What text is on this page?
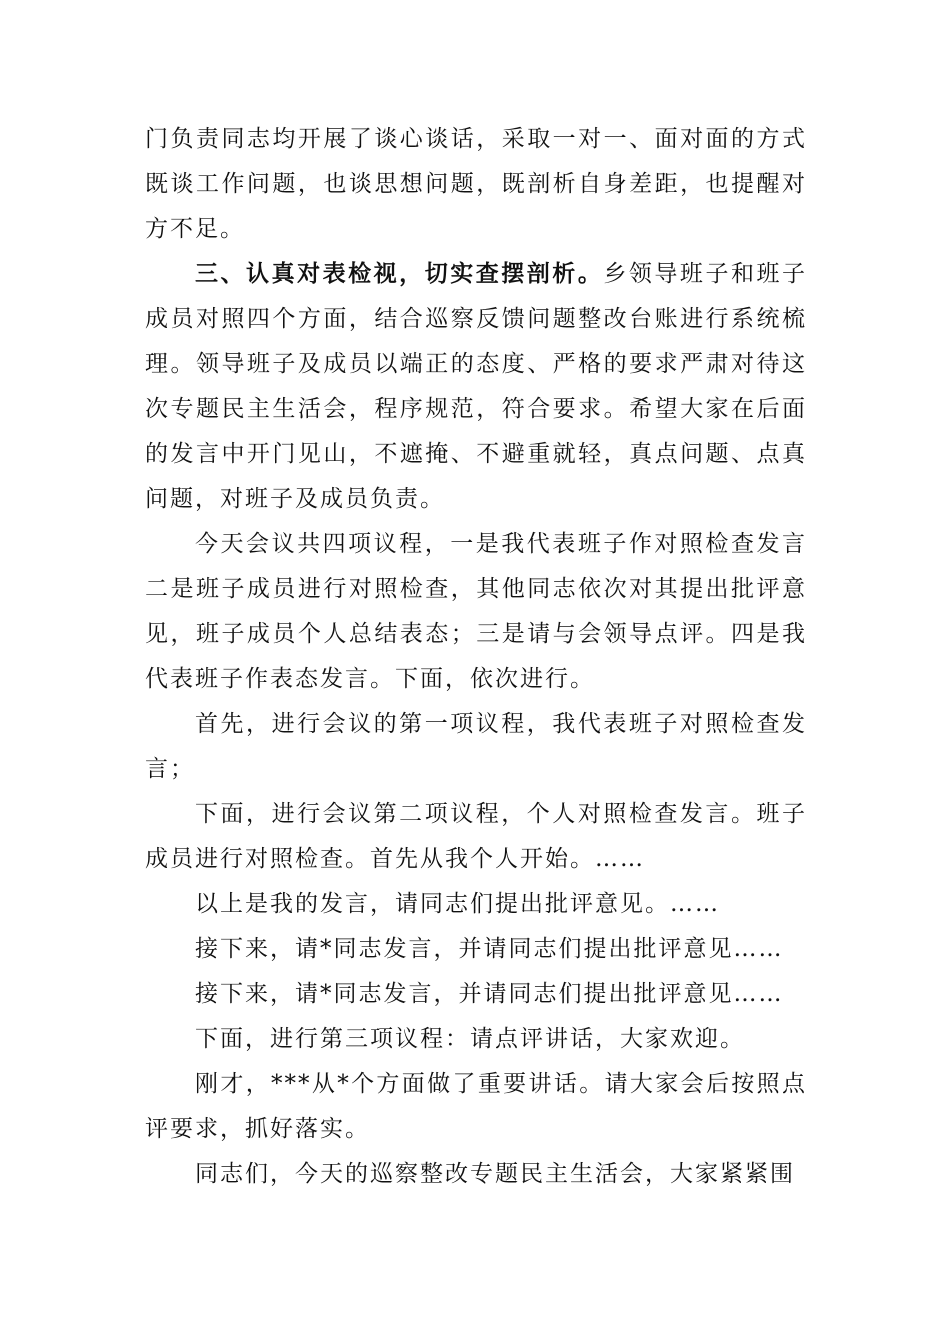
门负责同志均开展了谈心谈话，采取一对一、面对面的方式既谈工作问题，也谈思想问题，既剖析自身差距，也提醒对方不足。

三、认真对表检视，切实查摆剖析。乡领导班子和班子成员对照四个方面，结合巡察反馈问题整改台账进行系统梳理。领导班子及成员以端正的态度、严格的要求严肃对待这次专题民主生活会，程序规范，符合要求。希望大家在后面的发言中开门见山，不遮掩、不避重就轻，真点问题、点真问题，对班子及成员负责。

今天会议共四项议程，一是我代表班子作对照检查发言二是班子成员进行对照检查，其他同志依次对其提出批评意见，班子成员个人总结表态；三是请与会领导点评。四是我代表班子作表态发言。下面，依次进行。

首先，进行会议的第一项议程，我代表班子对照检查发言；

下面，进行会议第二项议程，个人对照检查发言。班子成员进行对照检查。首先从我个人开始。……

以上是我的发言，请同志们提出批评意见。……

接下来，请*同志发言，并请同志们提出批评意见……

接下来，请*同志发言，并请同志们提出批评意见……

下面，进行第三项议程：请点评讲话，大家欢迎。

刚才，***从*个方面做了重要讲话。请大家会后按照点评要求，抓好落实。

同志们，今天的巡察整改专题民主生活会，大家紧紧围
